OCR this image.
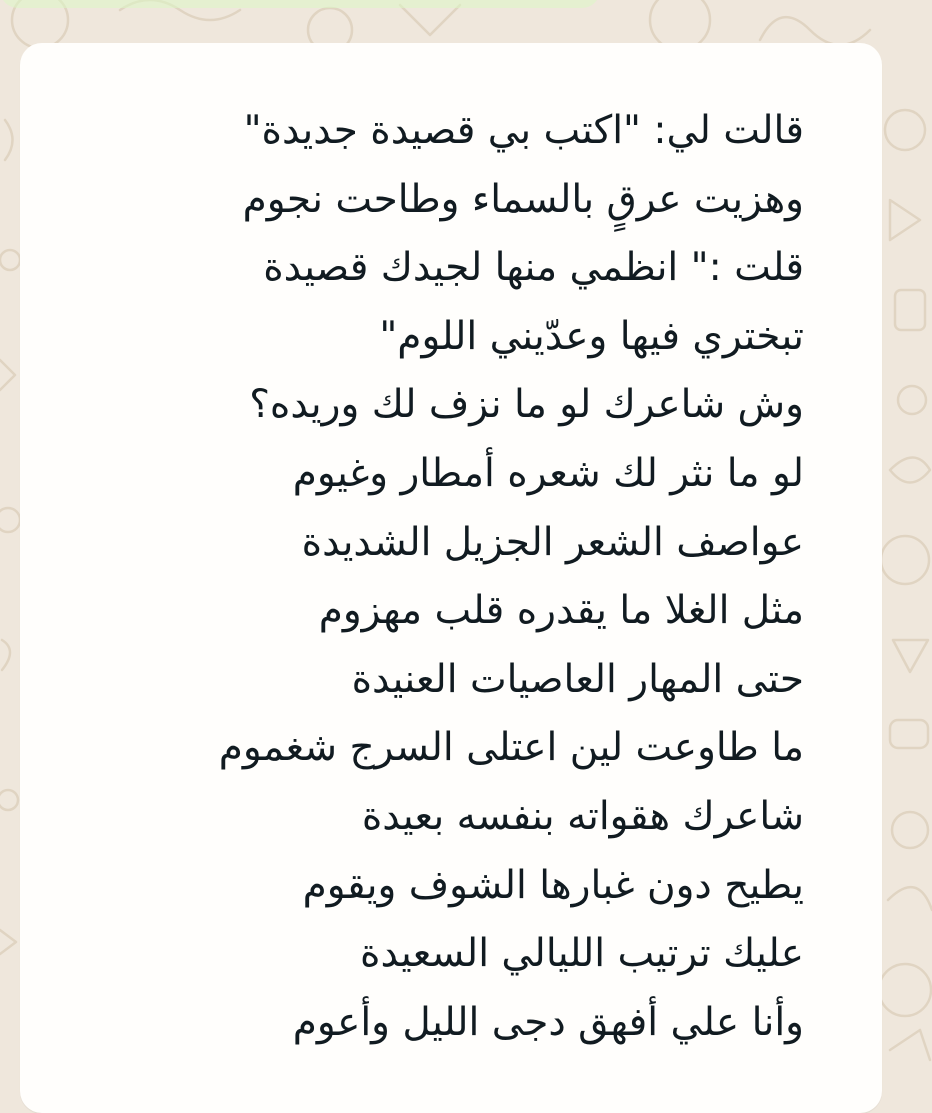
قالت لي: "اكتب بي قصيدة جديدة"
وهزيت عرقٍ بالسماء وطاحت نجوم
قلت :" انظمي منها لجيدك قصيدة
تبختري فيها وعدّيني اللوم"
وش شاعرك لو ما نزف لك وريده؟
لو ما نثر لك شعره أمطار وغيوم
عواصف الشعر الجزيل الشديدة
مثل الغلا ما يقدره قلب مهزوم
حتى المهار العاصيات العنيدة
ما طاوعت لين اعتلى السرج شغموم
شاعرك هقواته بنفسه بعيدة
يطيح دون غبارها الشوف ويقوم
عليك ترتيب الليالي السعيدة
وأنا علي أفهق دجى الليل وأعوم
